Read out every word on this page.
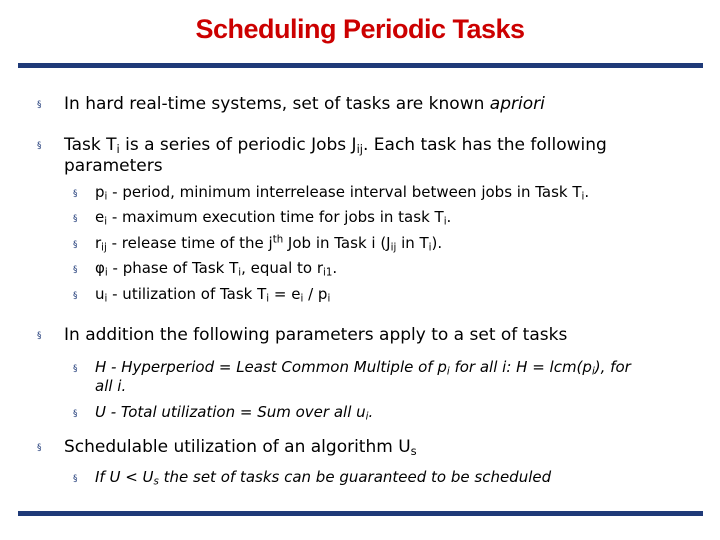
Scheduling Periodic Tasks
§ In hard real-time systems, set of tasks are known apriori
§ Task $T_i$ is a series of periodic Jobs $J_{ij}$. Each task has the following
parameters
§ $p_i$ - period, minimum interrelease interval between jobs in Task $T_i$.
§ $e_i$ - maximum execution time for jobs in task $T_i$.
§ $r_{ij}$ - release time of the $j^{th}$ Job in Task i ($J_{ij}$ in $T_i$).
§ $\varphi_i$ - phase of Task $T_i$, equal to $r_{i1}$.
§ $u_i$ - utilization of Task $T_i = e_i / p_i$
§ In addition the following parameters apply to a set of tasks
§ H - Hyperperiod = Least Common Multiple of $p_i$ for all i: $H = lcm(p_i)$, for
all i.
§ U - Total utilization = Sum over all $u_i$.
§ Schedulable utilization of an algorithm $U_s$
§ If $U < U_s$ the set of tasks can be guaranteed to be scheduled
